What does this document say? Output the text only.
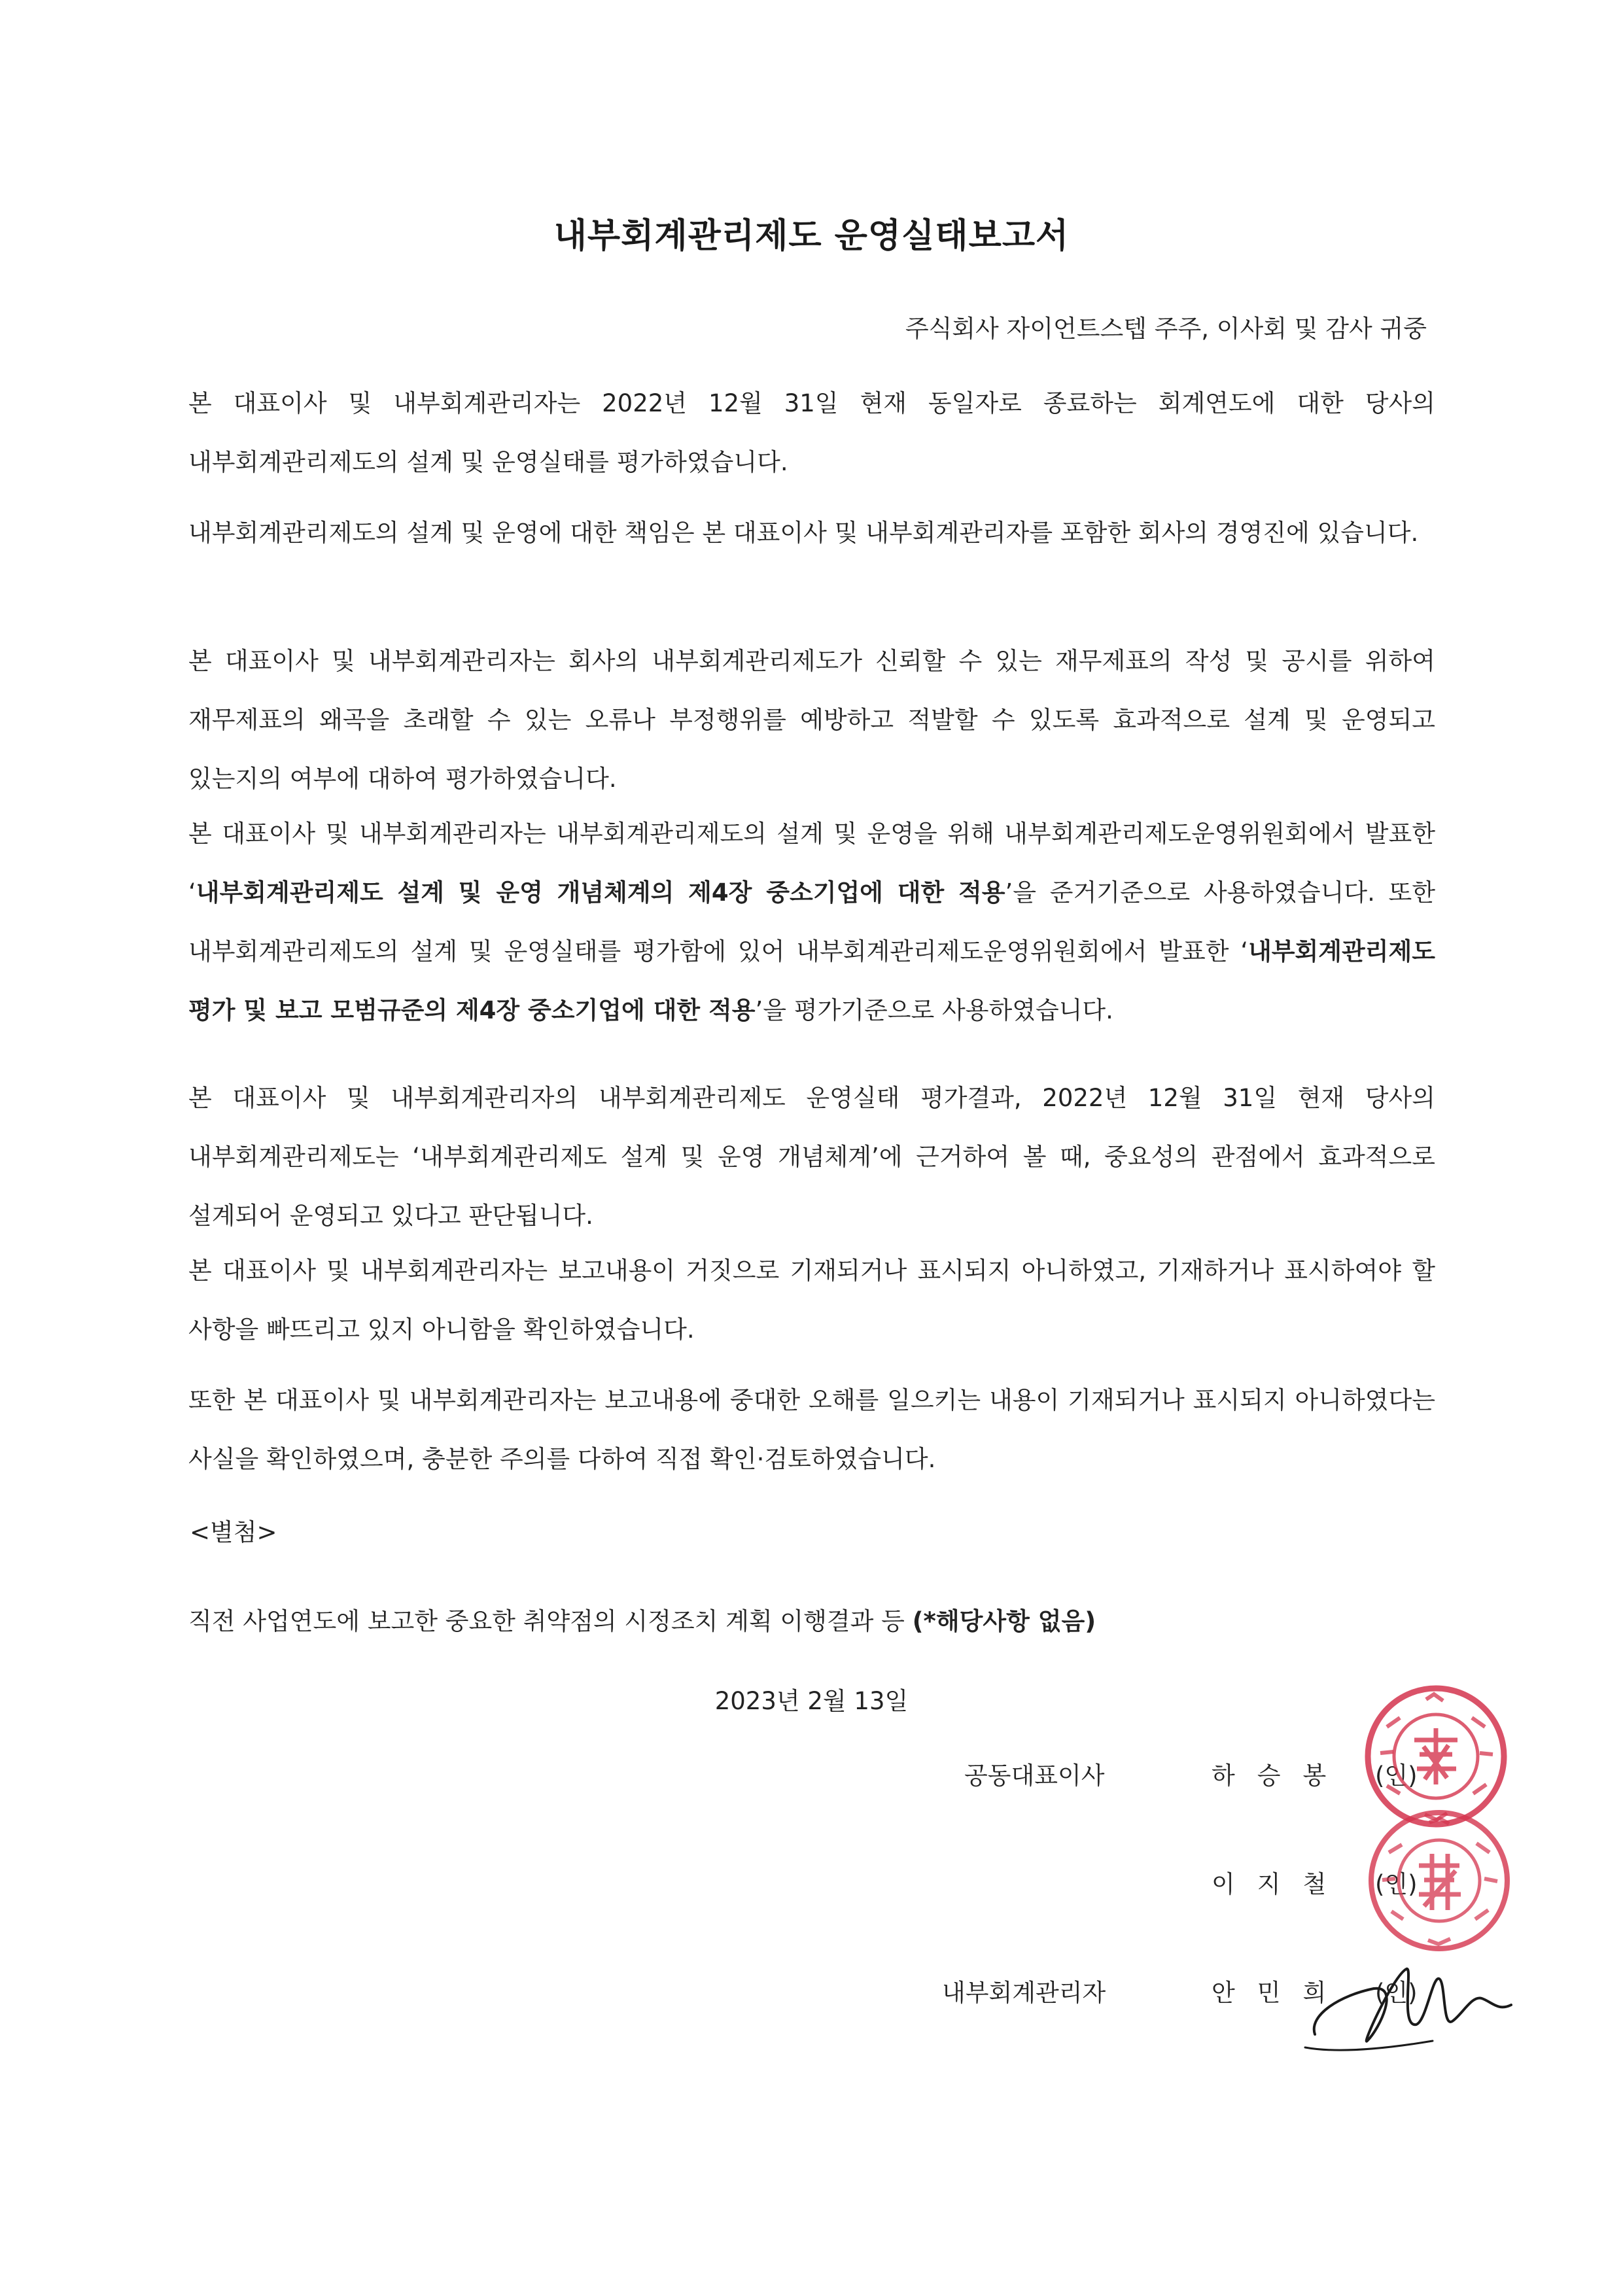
내부회계관리제도 운영실태보고서
주식회사 자이언트스텝 주주, 이사회 및 감사 귀중
본 대표이사 및 내부회계관리자는 2022년 12월 31일 현재 동일자로 종료하는 회계연도에 대한 당사의 내부회계관리제도의 설계 및 운영실태를 평가하였습니다.
내부회계관리제도의 설계 및 운영에 대한 책임은 본 대표이사 및 내부회계관리자를 포함한 회사의 경영진에 있습니다.
본 대표이사 및 내부회계관리자는 회사의 내부회계관리제도가 신뢰할 수 있는 재무제표의 작성 및 공시를 위하여 재무제표의 왜곡을 초래할 수 있는 오류나 부정행위를 예방하고 적발할 수 있도록 효과적으로 설계 및 운영되고 있는지의 여부에 대하여 평가하였습니다.
본 대표이사 및 내부회계관리자는 내부회계관리제도의 설계 및 운영을 위해 내부회계관리제도운영위원회에서 발표한 ‘내부회계관리제도 설계 및 운영 개념체계의 제4장 중소기업에 대한 적용’을 준거기준으로 사용하였습니다. 또한 내부회계관리제도의 설계 및 운영실태를 평가함에 있어 내부회계관리제도운영위원회에서 발표한 ‘내부회계관리제도 평가 및 보고 모범규준의 제4장 중소기업에 대한 적용’을 평가기준으로 사용하였습니다.
본 대표이사 및 내부회계관리자의 내부회계관리제도 운영실태 평가결과, 2022년 12월 31일 현재 당사의 내부회계관리제도는 ‘내부회계관리제도 설계 및 운영 개념체계’에 근거하여 볼 때, 중요성의 관점에서 효과적으로 설계되어 운영되고 있다고 판단됩니다.
본 대표이사 및 내부회계관리자는 보고내용이 거짓으로 기재되거나 표시되지 아니하였고, 기재하거나 표시하여야 할 사항을 빠뜨리고 있지 아니함을 확인하였습니다.
또한 본 대표이사 및 내부회계관리자는 보고내용에 중대한 오해를 일으키는 내용이 기재되거나 표시되지 아니하였다는 사실을 확인하였으며, 충분한 주의를 다하여 직접 확인·검토하였습니다.
<별첨>
직전 사업연도에 보고한 중요한 취약점의 시정조치 계획 이행결과 등 (*해당사항 없음)
2023년 2월 13일
공동대표이사	하승봉 (인)
이지철 (인)
내부회계관리자	안민희 (인)
